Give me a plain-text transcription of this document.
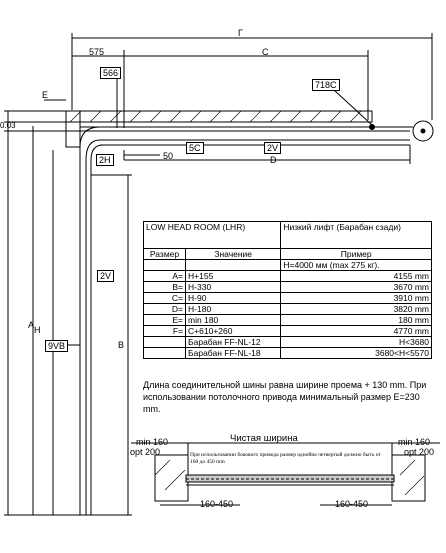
Г
575	C
E
0.03
50	D
A H
B
566
718C
2H
5C	2V
2V
9VB
LOW HEAD ROOM (LHR)		Низкий лифт (Барабан сзади)
Размер	Значение	Пример
		H=4000 мм (max 275 кг).
A=	H+155	4155 mm
B=	H-330	3670 mm
C=	H-90	3910 mm
D=	H-180	3820 mm
E=	min 180	180 mm
F=	C+610+260	4770 mm
	Барабан FF-NL-12	H<3680
	Барабан FF-NL-18	3680<H<5570
Длина соединительной шины равна ширине проема + 130 mm. При использовании потолочного привода минимальный размер E=230 mm.
Чистая ширина
min 160
opt 200
min 160
opt 200
При использовании бокового привода размер однойна четвертый должно быть от 160 до 450 mm
160-450	160-450
